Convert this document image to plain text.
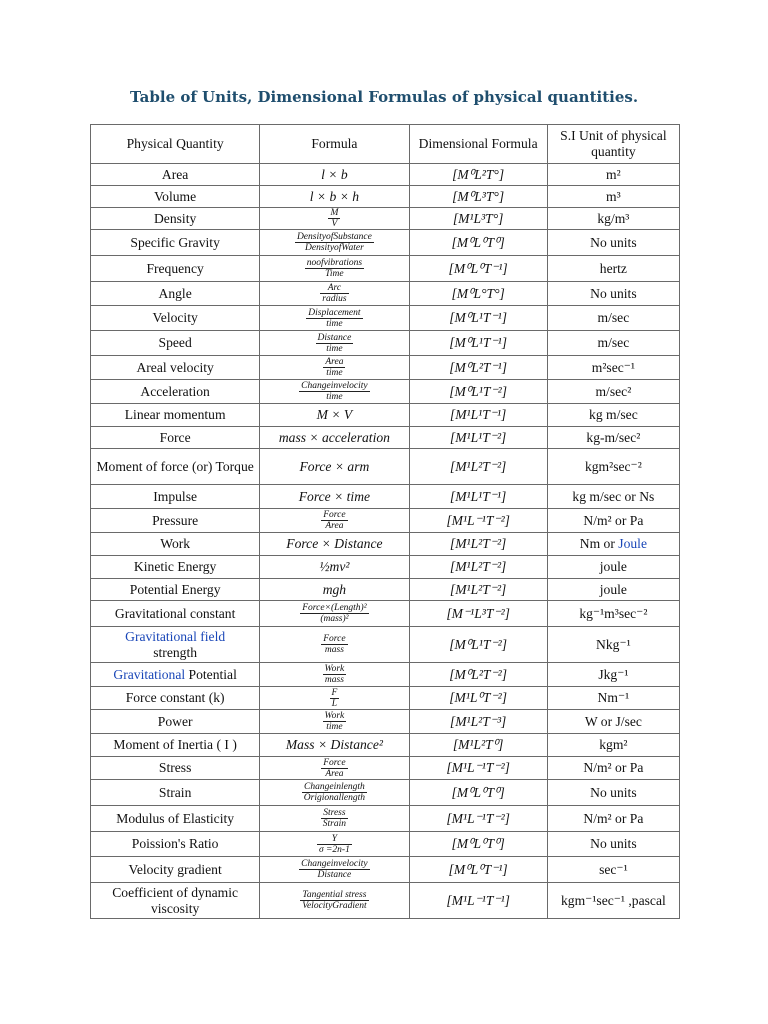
Table of Units, Dimensional Formulas of physical quantities.
Physical Quantity	Formula	Dimensional Formula	S.I Unit of physical quantity
Area	l × b	[M⁰L²T°]	m²
Volume	l × b × h	[M⁰L³T°]	m³
Density	$\frac{M}{V}$	[M¹L³T°]	kg/m³
Specific Gravity	$\frac{\text{DensityofSubstance}}{\text{DensityofWater}}$	[M⁰L⁰T⁰]	No units
Frequency	$\frac{\text{noofvibrations}}{\text{Time}}$	[M⁰L⁰T⁻¹]	hertz
Angle	$\frac{\text{Arc}}{\text{radius}}$	[M⁰L°T°]	No units
Velocity	$\frac{\text{Displacement}}{\text{time}}$	[M⁰L¹T⁻¹]	m/sec
Speed	$\frac{\text{Distance}}{\text{time}}$	[M⁰L¹T⁻¹]	m/sec
Areal velocity	$\frac{\text{Area}}{\text{time}}$	[M⁰L²T⁻¹]	m²sec⁻¹
Acceleration	$\frac{\text{Changeinvelocity}}{\text{time}}$	[M⁰L¹T⁻²]	m/sec²
Linear momentum	M × V	[M¹L¹T⁻¹]	kg m/sec
Force	mass × acceleration	[M¹L¹T⁻²]	kg-m/sec²
Moment of force (or) Torque	Force × arm	[M¹L²T⁻²]	kgm²sec⁻²
Impulse	Force × time	[M¹L¹T⁻¹]	kg m/sec or Ns
Pressure	$\frac{\text{Force}}{\text{Area}}$	[M¹L⁻¹T⁻²]	N/m² or Pa
Work	Force × Distance	[M¹L²T⁻²]	Nm or Joule
Kinetic Energy	½mv²	[M¹L²T⁻²]	joule
Potential Energy	mgh	[M¹L²T⁻²]	joule
Gravitational constant	$\frac{\text{Force×(Length)²}}{\text{(mass)²}}$	[M⁻¹L³T⁻²]	kg⁻¹m³sec⁻²
Gravitational field
strength	$\frac{\text{Force}}{\text{mass}}$	[M⁰L¹T⁻²]	Nkg⁻¹
Gravitational Potential	$\frac{\text{Work}}{\text{mass}}$	[M⁰L²T⁻²]	Jkg⁻¹
Force constant (k)	$\frac{F}{L}$	[M¹L⁰T⁻²]	Nm⁻¹
Power	$\frac{\text{Work}}{\text{time}}$	[M¹L²T⁻³]	W or J/sec
Moment of Inertia ( I )	Mass × Distance²	[M¹L²T⁰]	kgm²
Stress	$\frac{\text{Force}}{\text{Area}}$	[M¹L⁻¹T⁻²]	N/m² or Pa
Strain	$\frac{\text{Changeinlength}}{\text{Origionallength}}$	[M⁰L⁰T⁰]	No units
Modulus of Elasticity	$\frac{\text{Stress}}{\text{Strain}}$	[M¹L⁻¹T⁻²]	N/m² or Pa
Poission's Ratio	$\frac{Y}{\sigma =2n-1}$	[M⁰L⁰T⁰]	No units
Velocity gradient	$\frac{\text{Changeinvelocity}}{\text{Distance}}$	[M⁰L⁰T⁻¹]	sec⁻¹
Coefficient of dynamic viscosity	$\frac{\text{Tangential stress}}{\text{VelocityGradient}}$	[M¹L⁻¹T⁻¹]	kgm⁻¹sec⁻¹ ,pascal
